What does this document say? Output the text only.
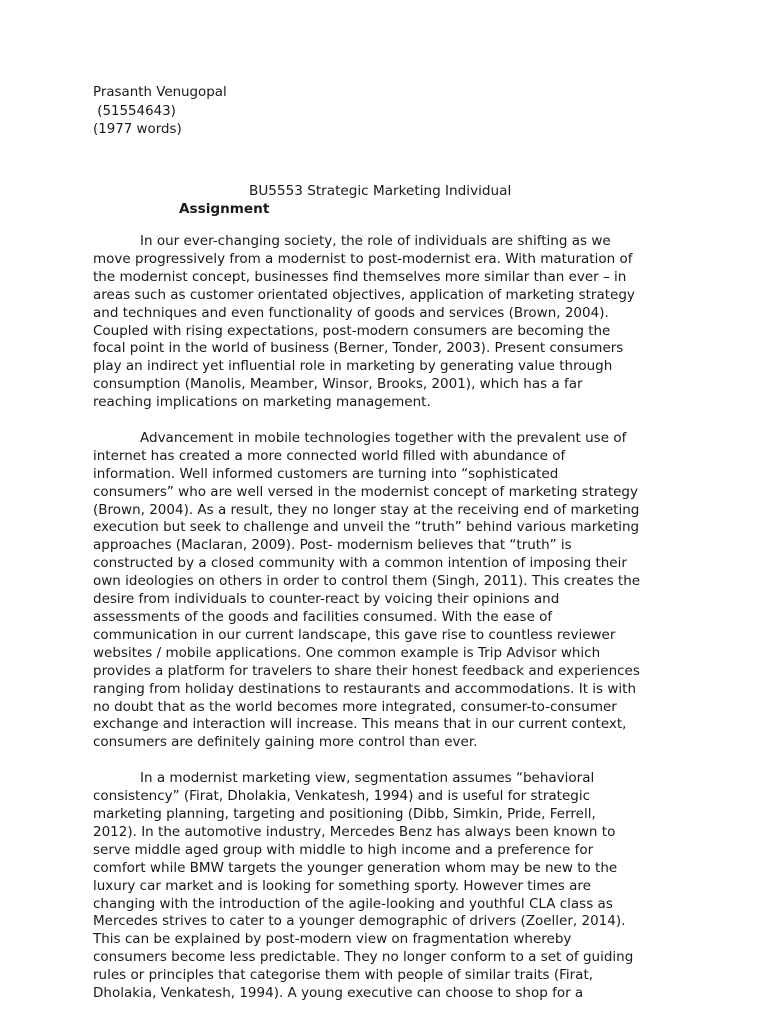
Prasanth Venugopal
(51554643)
(1977 words)
BU5553 Strategic Marketing Individual
Assignment
In our ever-changing society, the role of individuals are shifting as we
move progressively from a modernist to post-modernist era. With maturation of
the modernist concept, businesses find themselves more similar than ever – in
areas such as customer orientated objectives, application of marketing strategy
and techniques and even functionality of goods and services (Brown, 2004).
Coupled with rising expectations, post-modern consumers are becoming the
focal point in the world of business (Berner, Tonder, 2003). Present consumers
play an indirect yet influential role in marketing by generating value through
consumption (Manolis, Meamber, Winsor, Brooks, 2001), which has a far
reaching implications on marketing management.
Advancement in mobile technologies together with the prevalent use of
internet has created a more connected world filled with abundance of
information. Well informed customers are turning into “sophisticated
consumers” who are well versed in the modernist concept of marketing strategy
(Brown, 2004). As a result, they no longer stay at the receiving end of marketing
execution but seek to challenge and unveil the “truth” behind various marketing
approaches (Maclaran, 2009). Post- modernism believes that “truth” is
constructed by a closed community with a common intention of imposing their
own ideologies on others in order to control them (Singh, 2011). This creates the
desire from individuals to counter-react by voicing their opinions and
assessments of the goods and facilities consumed. With the ease of
communication in our current landscape, this gave rise to countless reviewer
websites / mobile applications. One common example is Trip Advisor which
provides a platform for travelers to share their honest feedback and experiences
ranging from holiday destinations to restaurants and accommodations. It is with
no doubt that as the world becomes more integrated, consumer-to-consumer
exchange and interaction will increase. This means that in our current context,
consumers are definitely gaining more control than ever.
In a modernist marketing view, segmentation assumes “behavioral
consistency” (Firat, Dholakia, Venkatesh, 1994) and is useful for strategic
marketing planning, targeting and positioning (Dibb, Simkin, Pride, Ferrell,
2012). In the automotive industry, Mercedes Benz has always been known to
serve middle aged group with middle to high income and a preference for
comfort while BMW targets the younger generation whom may be new to the
luxury car market and is looking for something sporty. However times are
changing with the introduction of the agile-looking and youthful CLA class as
Mercedes strives to cater to a younger demographic of drivers (Zoeller, 2014).
This can be explained by post-modern view on fragmentation whereby
consumers become less predictable. They no longer conform to a set of guiding
rules or principles that categorise them with people of similar traits (Firat,
Dholakia, Venkatesh, 1994). A young executive can choose to shop for a
